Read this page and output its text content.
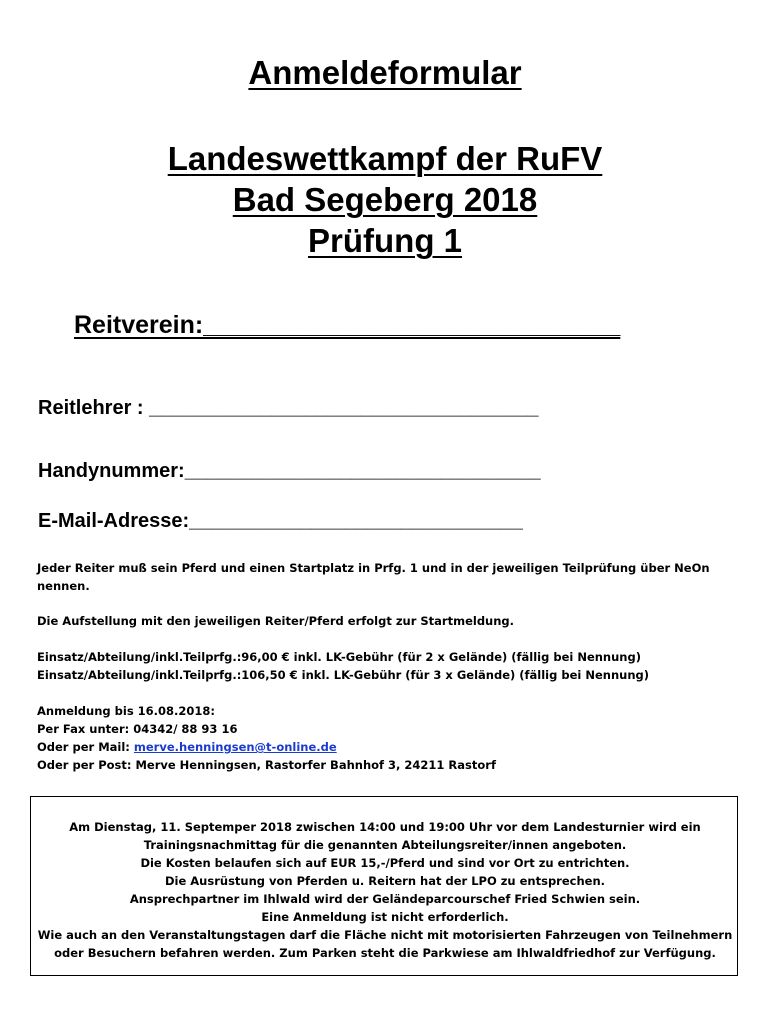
Anmeldeformular
Landeswettkampf der RuFV
Bad Segeberg 2018
Prüfung 1
Reitverein:______________________________
Reitlehrer : ___________________________________
Handynummer:________________________________
E-Mail-Adresse:______________________________
Jeder Reiter muß sein Pferd und einen Startplatz in Prfg. 1 und in der jeweiligen Teilprüfung über NeOn
nennen.
Die Aufstellung mit den jeweiligen Reiter/Pferd erfolgt zur Startmeldung.
Einsatz/Abteilung/inkl.Teilprfg.:96,00 € inkl. LK-Gebühr (für 2 x Gelände) (fällig bei Nennung)
Einsatz/Abteilung/inkl.Teilprfg.:106,50 € inkl. LK-Gebühr (für 3 x Gelände) (fällig bei Nennung)
Anmeldung bis 16.08.2018:
Per Fax unter: 04342/ 88 93 16
Oder per Mail: merve.henningsen@t-online.de
Oder per Post: Merve Henningsen, Rastorfer Bahnhof 3, 24211 Rastorf
Am Dienstag, 11. Septemper 2018 zwischen 14:00 und 19:00 Uhr vor dem Landesturnier wird ein
Trainingsnachmittag für die genannten Abteilungsreiter/innen angeboten.
Die Kosten belaufen sich auf EUR 15,-/Pferd und sind vor Ort zu entrichten.
Die Ausrüstung von Pferden u. Reitern hat der LPO zu entsprechen.
Ansprechpartner im Ihlwald wird der Geländeparcourschef Fried Schwien sein.
Eine Anmeldung ist nicht erforderlich.
Wie auch an den Veranstaltungstagen darf die Fläche nicht mit motorisierten Fahrzeugen von Teilnehmern
oder Besuchern befahren werden. Zum Parken steht die Parkwiese am Ihlwaldfriedhof zur Verfügung.
